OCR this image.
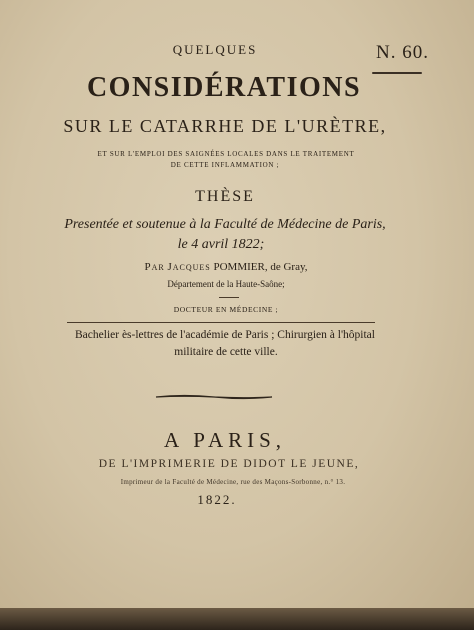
QUELQUES	N. 60.
CONSIDÉRATIONS
SUR LE CATARRHE DE L'URÈTRE,
ET SUR L'EMPLOI DES SAIGNÉES LOCALES DANS LE TRAITEMENT
DE CETTE INFLAMMATION ;
THÈSE
Presentée et soutenue à la Faculté de Médecine de Paris,
le 4 avril 1822;
Par Jacques POMMIER, de Gray,
Département de la Haute-Saône;
DOCTEUR EN MÉDECINE ;
Bachelier ès-lettres de l'académie de Paris ; Chirurgien à l'hôpital
militaire de cette ville.
A PARIS,
DE L'IMPRIMERIE DE DIDOT LE JEUNE,
Imprimeur de la Faculté de Médecine, rue des Maçons-Sorbonne, n.° 13.
1822.
